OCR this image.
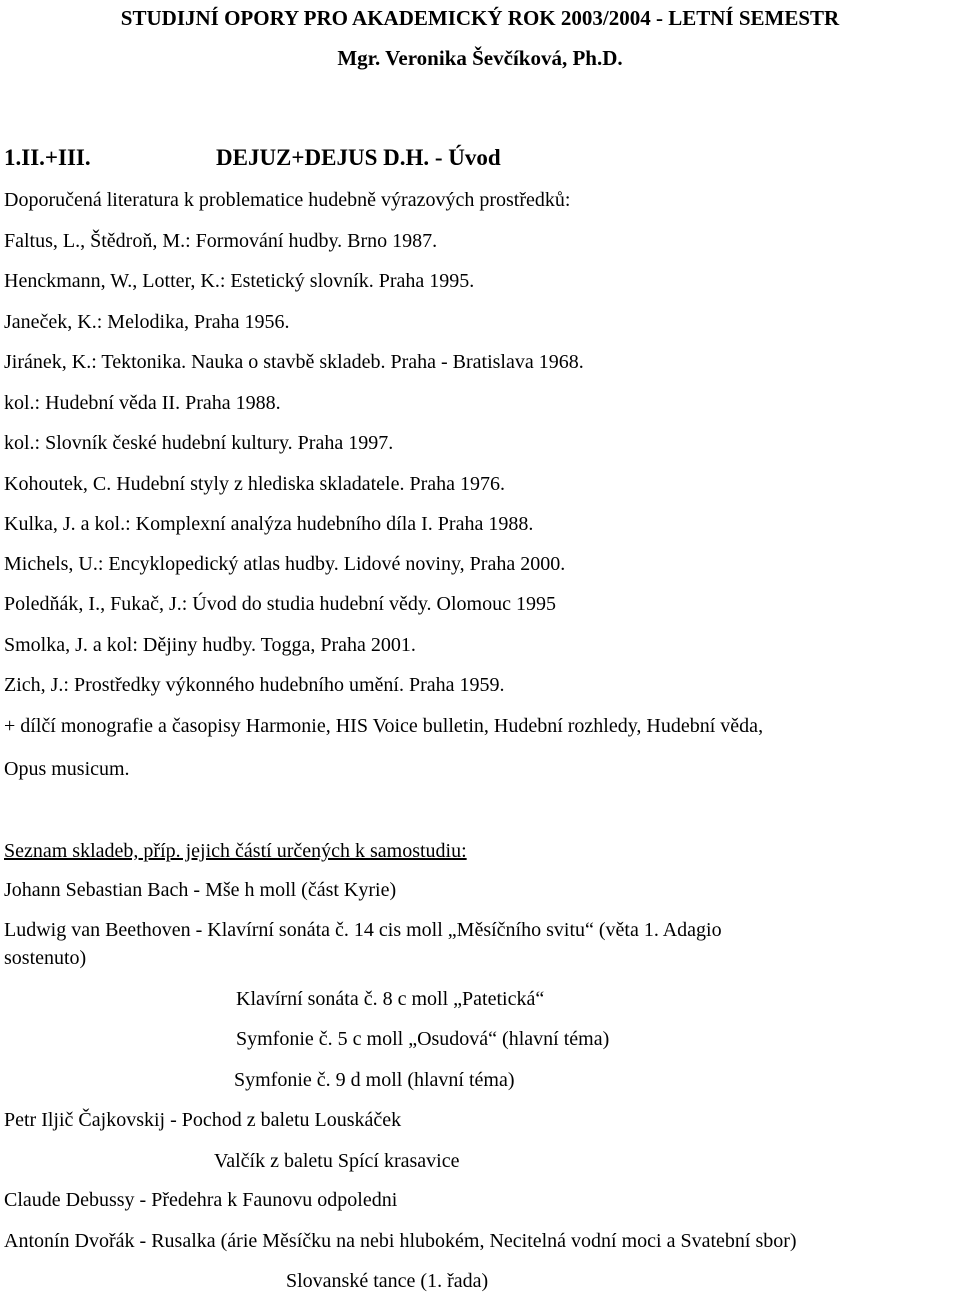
STUDIJNÍ OPORY PRO AKADEMICKÝ ROK 2003/2004 - LETNÍ SEMESTR
Mgr. Veronika Ševčíková, Ph.D.
1.II.+III.	DEJUZ+DEJUS D.H. - Úvod
Doporučená literatura k problematice hudebně výrazových prostředků:
Faltus, L., Štědroň, M.: Formování hudby. Brno 1987.
Henckmann, W., Lotter, K.: Estetický slovník. Praha 1995.
Janeček, K.: Melodika, Praha 1956.
Jiránek, K.: Tektonika. Nauka o stavbě skladeb. Praha - Bratislava 1968.
kol.: Hudební věda II. Praha 1988.
kol.: Slovník české hudební kultury. Praha 1997.
Kohoutek, C. Hudební styly z hlediska skladatele. Praha 1976.
Kulka, J. a kol.: Komplexní analýza hudebního díla I. Praha 1988.
Michels, U.: Encyklopedický atlas hudby. Lidové noviny, Praha 2000.
Poledňák, I., Fukač, J.: Úvod do studia hudební vědy. Olomouc 1995
Smolka, J. a kol: Dějiny hudby. Togga, Praha 2001.
Zich, J.: Prostředky výkonného hudebního umění. Praha 1959.
+ dílčí monografie a časopisy Harmonie, HIS Voice bulletin, Hudební rozhledy, Hudební věda,
Opus musicum.
Seznam skladeb, příp. jejich částí určených k samostudiu:
Johann Sebastian Bach - Mše h moll (část Kyrie)
Ludwig van Beethoven - Klavírní sonáta č. 14 cis moll „Měsíčního svitu“ (věta 1. Adagio
sostenuto)
Klavírní sonáta č. 8 c moll „Patetická“
Symfonie č. 5 c moll „Osudová“ (hlavní téma)
Symfonie č. 9 d moll (hlavní téma)
Petr Iljič Čajkovskij - Pochod z baletu Louskáček
Valčík z baletu Spící krasavice
Claude Debussy - Předehra k Faunovu odpoledni
Antonín Dvořák - Rusalka (árie Měsíčku na nebi hlubokém, Necitelná vodní moci a Svatební sbor)
Slovanské tance (1. řada)
